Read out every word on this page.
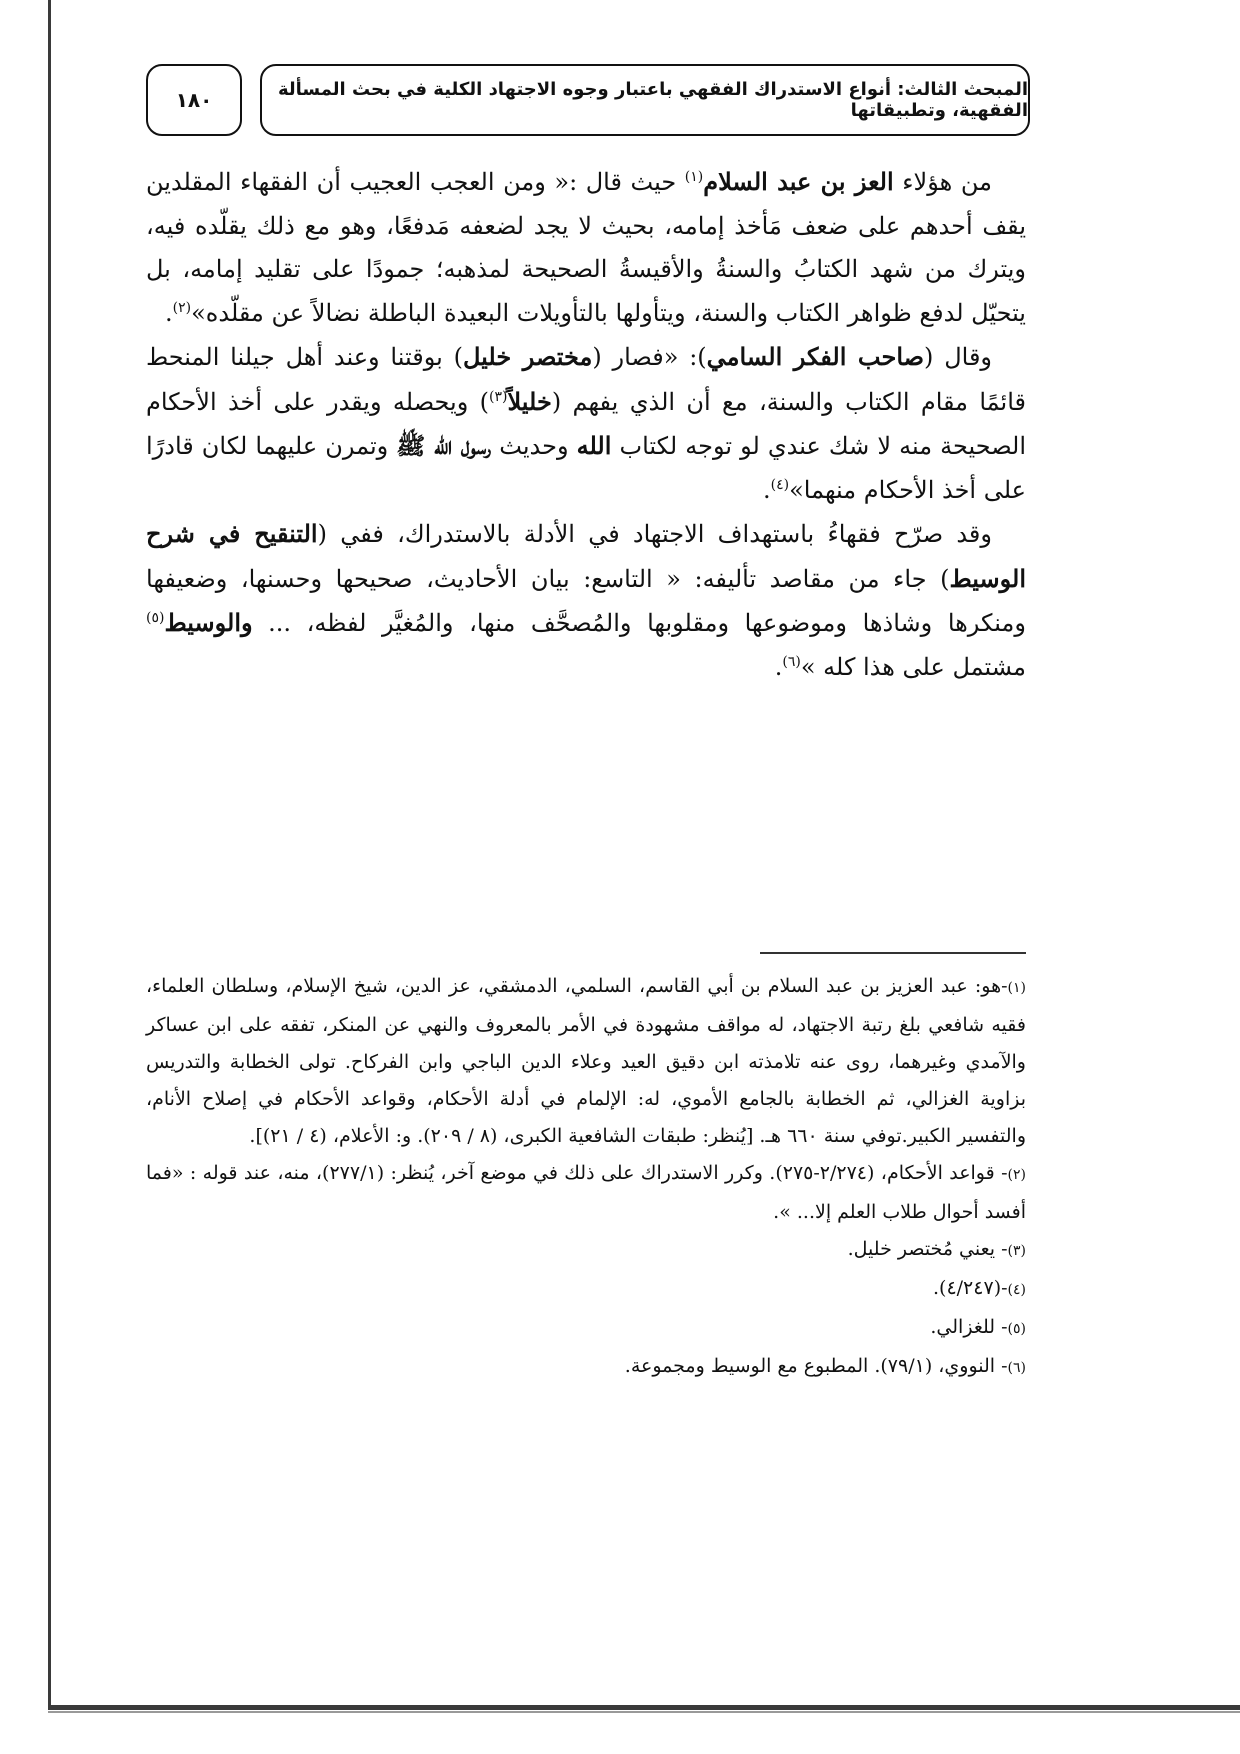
المبحث الثالث: أنواع الاستدراك الفقهي باعتبار وجوه الاجتهاد الكلية في بحث المسألة الفقهية، وتطبيقاتها
١٨٠

من هؤلاء العز بن عبد السلام$^{(١)}$ حيث قال :« ومن العجب العجيب أن الفقهاء المقلدين يقف أحدهم على ضعف مَأخذ إمامه، بحيث لا يجد لضعفه مَدفعًا، وهو مع ذلك يقلّده فيه، ويترك من شهد الكتابُ والسنةُ والأقيسةُ الصحيحة لمذهبه؛ جمودًا على تقليد إمامه، بل يتحيّل لدفع ظواهر الكتاب والسنة، ويتأولها بالتأويلات البعيدة الباطلة نضالاً عن مقلّده»$^{(٢)}$.

وقال (صاحب الفكر السامي): «فصار (مختصر خليل) بوقتنا وعند أهل جيلنا المنحط قائمًا مقام الكتاب والسنة، مع أن الذي يفهم (خليلاً$^{(٣)}$) ويحصله ويقدر على أخذ الأحكام الصحيحة منه لا شك عندي لو توجه لكتاب الله وحديث رسول الله ﷺ وتمرن عليهما لكان قادرًا على أخذ الأحكام منهما»$^{(٤)}$.

وقد صرّح فقهاءُ باستهداف الاجتهاد في الأدلة بالاستدراك، ففي (التنقيح في شرح الوسيط) جاء من مقاصد تأليفه: « التاسع: بيان الأحاديث، صحيحها وحسنها، وضعيفها ومنكرها وشاذها وموضوعها ومقلوبها والمُصحَّف منها، والمُغيَّر لفظه، ... والوسيط$^{(٥)}$ مشتمل على هذا كله »$^{(٦)}$.

(١)-هو: عبد العزيز بن عبد السلام بن أبي القاسم، السلمي، الدمشقي، عز الدين، شيخ الإسلام، وسلطان العلماء، فقيه شافعي بلغ رتبة الاجتهاد، له مواقف مشهودة في الأمر بالمعروف والنهي عن المنكر، تفقه على ابن عساكر والآمدي وغيرهما، روى عنه تلامذته ابن دقيق العيد وعلاء الدين الباجي وابن الفركاح. تولى الخطابة والتدريس بزاوية الغزالي، ثم الخطابة بالجامع الأموي، له: الإلمام في أدلة الأحكام، وقواعد الأحكام في إصلاح الأنام، والتفسير الكبير.توفي سنة ٦٦٠ هـ. [يُنظر: طبقات الشافعية الكبرى، (٨ / ٢٠٩). و: الأعلام، (٤ / ٢١)].

(٢)- قواعد الأحكام، (٢/٢٧٤-٢٧٥). وكرر الاستدراك على ذلك في موضع آخر، يُنظر: (٢٧٧/١)، منه، عند قوله : «فما أفسد أحوال طلاب العلم إلا... ».

(٣)- يعني مُختصر خليل.

(٤)-(٤/٢٤٧).

(٥)- للغزالي.

(٦)- النووي، (٧٩/١). المطبوع مع الوسيط ومجموعة.
